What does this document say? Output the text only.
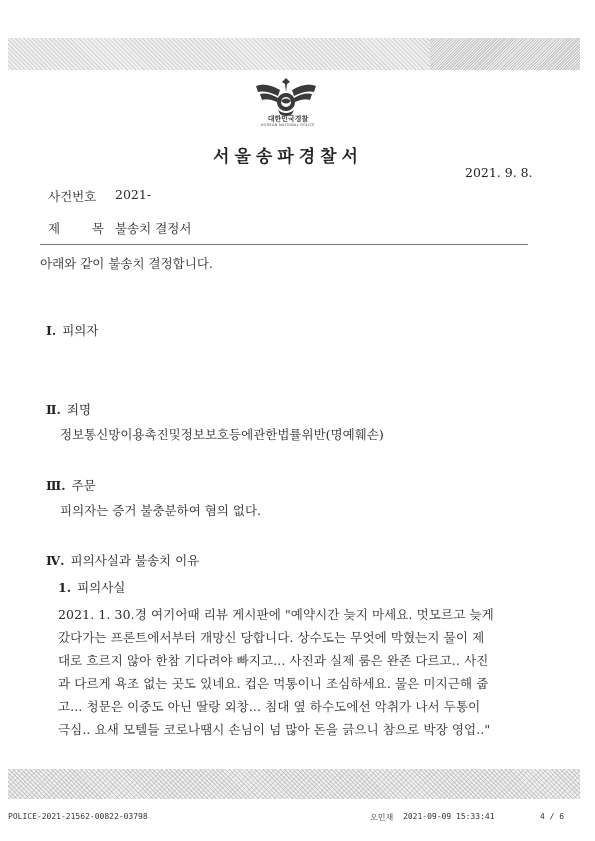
대한민국경찰
KOREAN NATIONAL POLICE
서울송파경찰서
2021. 9. 8.
사건번호 2021-
제        목 불송치 결정서
아래와 같이 불송치 결정합니다.
Ⅰ. 피의자
Ⅱ. 죄명
정보통신망이용촉진및정보보호등에관한법률위반(명예훼손)
Ⅲ. 주문
피의자는 증거 불충분하여 혐의 없다.
Ⅳ. 피의사실과 불송치 이유
1. 피의사실
2021. 1. 30.경 여기어때 리뷰 게시판에 "예약시간 늦지 마세요. 멋모르고 늦게
갔다가는 프론트에서부터 개망신 당합니다. 상수도는 무엇에 막혔는지 물이 제
대로 흐르지 않아 한참 기다려야 빠지고... 사진과 실제 룸은 완존 다르고.. 사진
과 다르게 욕조 없는 곳도 있네요. 컵은 먹통이니 조심하세요. 물은 미지근해 줍
고... 청문은 이중도 아닌 딸랑 외창... 침대 옆 하수도에선 악취가 나서 두통이
극심.. 요새 모텔들 코로나땜시 손님이 넘 많아 돈을 긁으니 참으로 박장 영업.."
POLICE-2021-21562-00822-03798	오민재 2021-09-09 15:33:41	4 / 6
